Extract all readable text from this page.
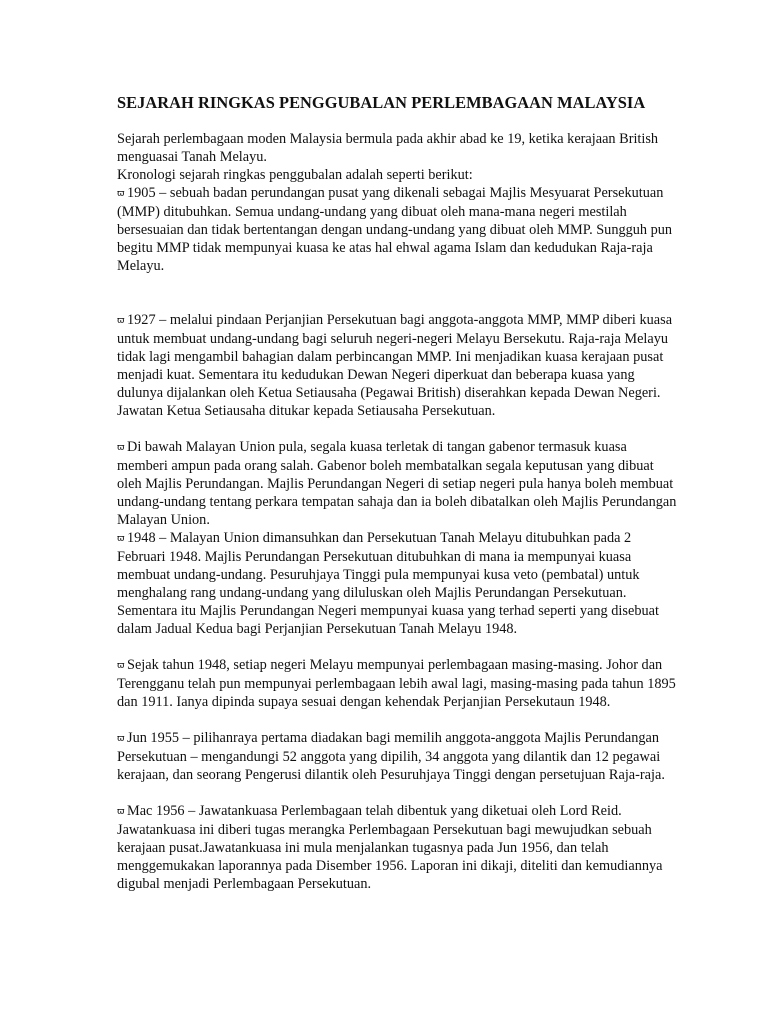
SEJARAH RINGKAS PENGGUBALAN PERLEMBAGAAN MALAYSIA

Sejarah perlembagaan moden Malaysia bermula pada akhir abad ke 19, ketika kerajaan British menguasai Tanah Melayu.

Kronologi sejarah ringkas penggubalan adalah seperti berikut:

ϖ 1905 – sebuah badan perundangan pusat yang dikenali sebagai Majlis Mesyuarat Persekutuan (MMP) ditubuhkan. Semua undang-undang yang dibuat oleh mana-mana negeri mestilah bersesuaian dan tidak bertentangan dengan undang-undang yang dibuat oleh MMP. Sungguh pun begitu MMP tidak mempunyai kuasa ke atas hal ehwal agama Islam dan kedudukan Raja-raja Melayu.

ϖ 1927 – melalui pindaan Perjanjian Persekutuan bagi anggota-anggota MMP, MMP diberi kuasa untuk membuat undang-undang bagi seluruh negeri-negeri Melayu Bersekutu. Raja-raja Melayu tidak lagi mengambil bahagian dalam perbincangan MMP. Ini menjadikan kuasa kerajaan pusat menjadi kuat. Sementara itu kedudukan Dewan Negeri diperkuat dan beberapa kuasa yang dulunya dijalankan oleh Ketua Setiausaha (Pegawai British) diserahkan kepada Dewan Negeri. Jawatan Ketua Setiausaha ditukar kepada Setiausaha Persekutuan.

ϖ Di bawah Malayan Union pula, segala kuasa terletak di tangan gabenor termasuk kuasa memberi ampun pada orang salah. Gabenor boleh membatalkan segala keputusan yang dibuat oleh Majlis Perundangan. Majlis Perundangan Negeri di setiap negeri pula hanya boleh membuat undang-undang tentang perkara tempatan sahaja dan ia boleh dibatalkan oleh Majlis Perundangan Malayan Union.

ϖ 1948 – Malayan Union dimansuhkan dan Persekutuan Tanah Melayu ditubuhkan pada 2 Februari 1948. Majlis Perundangan Persekutuan ditubuhkan di mana ia mempunyai kuasa membuat undang-undang. Pesuruhjaya Tinggi pula mempunyai kusa veto (pembatal) untuk menghalang rang undang-undang yang diluluskan oleh Majlis Perundangan Persekutuan. Sementara itu Majlis Perundangan Negeri mempunyai kuasa yang terhad seperti yang disebuat dalam Jadual Kedua bagi Perjanjian Persekutuan Tanah Melayu 1948.

ϖ Sejak tahun 1948, setiap negeri Melayu mempunyai perlembagaan masing-masing. Johor dan Terengganu telah pun mempunyai perlembagaan lebih awal lagi, masing-masing pada tahun 1895 dan 1911. Ianya dipinda supaya sesuai dengan kehendak Perjanjian Persekutaun 1948.

ϖ Jun 1955 – pilihanraya pertama diadakan bagi memilih anggota-anggota Majlis Perundangan Persekutuan – mengandungi 52 anggota yang dipilih, 34 anggota yang dilantik dan 12 pegawai kerajaan, dan seorang Pengerusi dilantik oleh Pesuruhjaya Tinggi dengan persetujuan Raja-raja.

ϖ Mac 1956 – Jawatankuasa Perlembagaan telah dibentuk yang diketuai oleh Lord Reid. Jawatankuasa ini diberi tugas merangka Perlembagaan Persekutuan bagi mewujudkan sebuah kerajaan pusat.Jawatankuasa ini mula menjalankan tugasnya pada Jun 1956, dan telah menggemukakan laporannya pada Disember 1956. Laporan ini dikaji, diteliti dan kemudiannya digubal menjadi Perlembagaan Persekutuan.
